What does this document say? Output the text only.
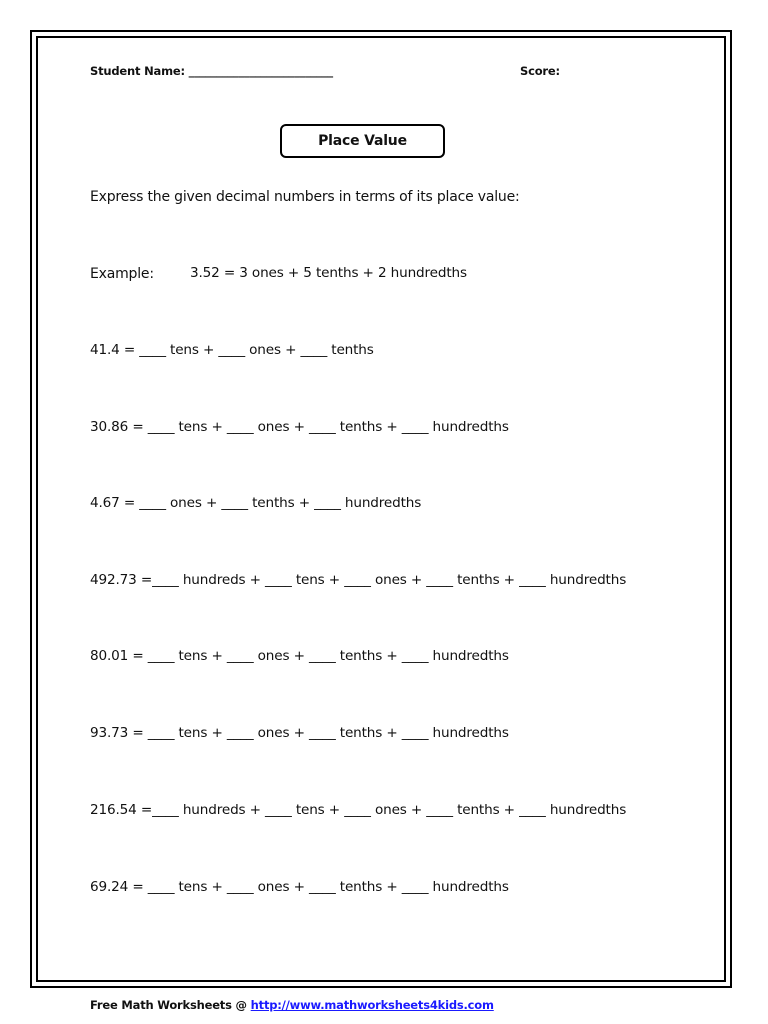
Student Name: __________________________	Score:
Place Value
Express the given decimal numbers in terms of its place value:
Example:	3.52 = 3 ones + 5 tenths + 2 hundredths
41.4 = ____ tens + ____ ones + ____ tenths
30.86 = ____ tens + ____ ones + ____ tenths + ____ hundredths
4.67 = ____ ones + ____ tenths + ____ hundredths
492.73 =____ hundreds + ____ tens + ____ ones + ____ tenths + ____ hundredths
80.01 = ____ tens + ____ ones + ____ tenths + ____ hundredths
93.73 = ____ tens + ____ ones + ____ tenths + ____ hundredths
216.54 =____ hundreds + ____ tens + ____ ones + ____ tenths + ____ hundredths
69.24 = ____ tens + ____ ones + ____ tenths + ____ hundredths
Free Math Worksheets @ http://www.mathworksheets4kids.com
